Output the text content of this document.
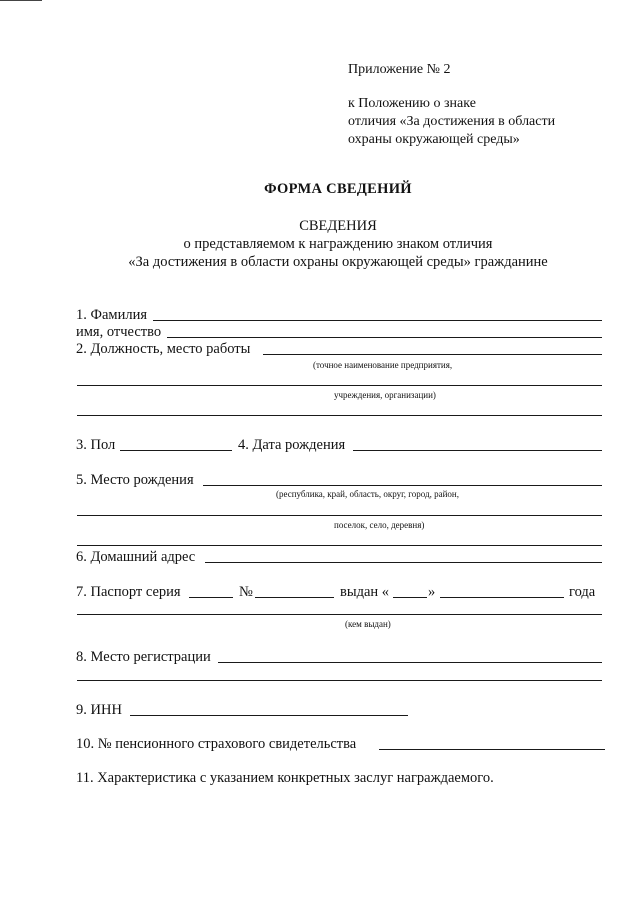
Приложение № 2
к Положению о знаке
отличия «За достижения в области
охраны окружающей среды»
ФОРМА СВЕДЕНИЙ
СВЕДЕНИЯ
о представляемом к награждению знаком отличия
«За достижения в области охраны окружающей среды» гражданине
1. Фамилия
имя, отчество
2. Должность, место работы
(точное наименование предприятия,
учреждения, организации)
3. Пол	4. Дата рождения
5. Место рождения
(республика, край, область, округ, город, район,
поселок, село, деревня)
6. Домашний адрес
7. Паспорт серия	№	выдан «	»	года
(кем выдан)
8. Место регистрации
9. ИНН
10. № пенсионного страхового свидетельства
11. Характеристика с указанием конкретных заслуг награждаемого.
